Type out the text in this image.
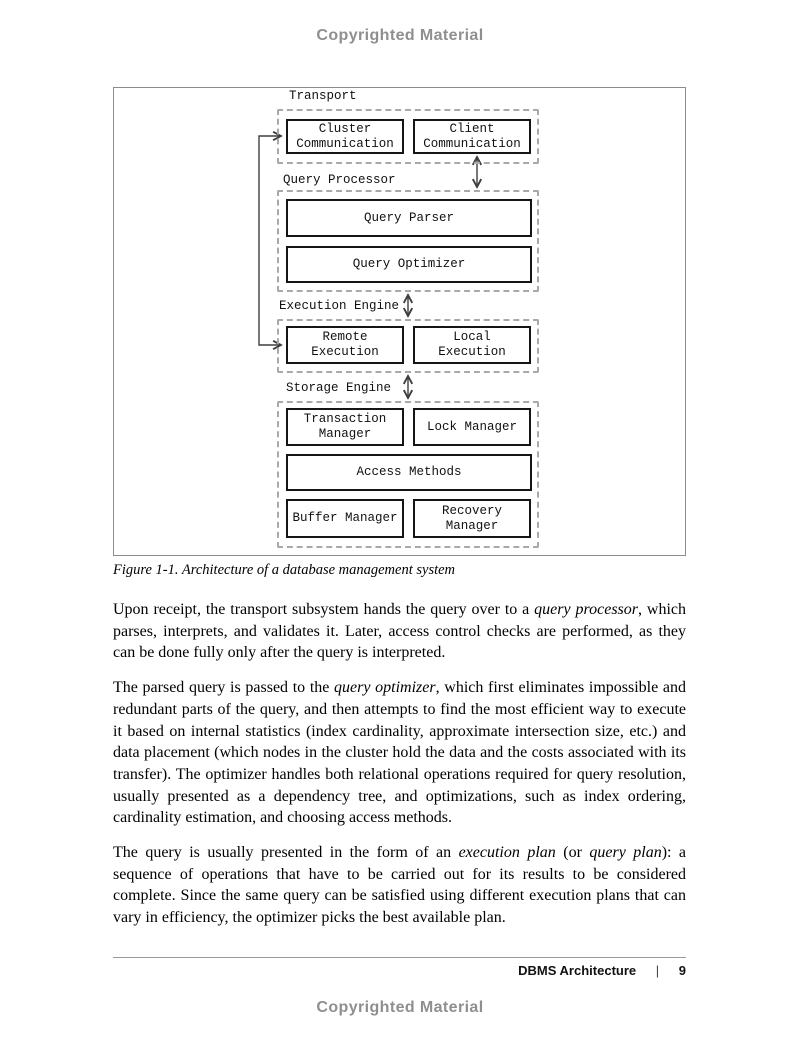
Copyrighted Material
Transport
Cluster Communication
Client Communication
Query Processor
Query Parser
Query Optimizer
Execution Engine
Remote Execution
Local Execution
Storage Engine
Transaction Manager
Lock Manager
Access Methods
Buffer Manager
Recovery Manager
Figure 1-1. Architecture of a database management system

Upon receipt, the transport subsystem hands the query over to a query processor, which parses, interprets, and validates it. Later, access control checks are performed, as they can be done fully only after the query is interpreted.

The parsed query is passed to the query optimizer, which first eliminates impossible and redundant parts of the query, and then attempts to find the most efficient way to execute it based on internal statistics (index cardinality, approximate intersection size, etc.) and data placement (which nodes in the cluster hold the data and the costs associated with its transfer). The optimizer handles both relational operations required for query resolution, usually presented as a dependency tree, and optimizations, such as index ordering, cardinality estimation, and choosing access methods.

The query is usually presented in the form of an execution plan (or query plan): a sequence of operations that have to be carried out for its results to be considered complete. Since the same query can be satisfied using different execution plans that can vary in efficiency, the optimizer picks the best available plan.

DBMS Architecture | 9
Copyrighted Material
